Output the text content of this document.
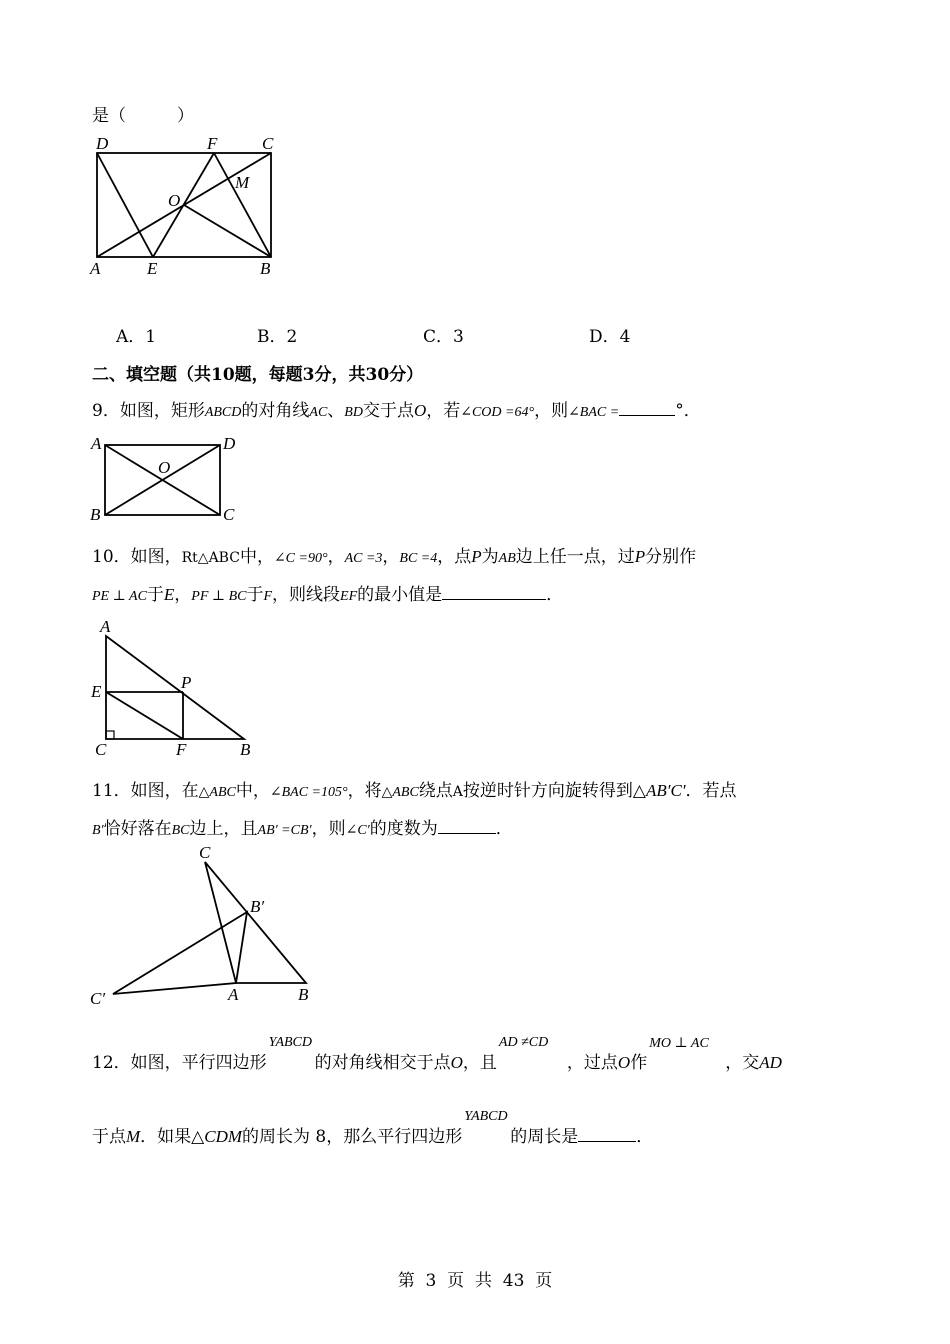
是（　　　）
D	F	C
M
O
A	E	B
A．1	B．2	C．3	D．4
二、填空题（共10题，每题3分，共30分）
9．如图，矩形ABCD的对角线AC、BD交于点O，若∠COD =64°，则∠BAC =	°．
A	D
O
B	C
10．如图，Rt△ABC中，∠C =90°，AC =3，BC =4，点P为AB边上任一点，过P分别作
PE ⊥ AC于E，PF ⊥ BC于F，则线段EF的最小值是	．
A
P
E
C	F	B
11．如图，在△ABC中，∠BAC =105°，将△ABC绕点A按逆时针方向旋转得到△AB′C′．若点
B′恰好落在BC边上，且AB′ =CB′，则∠C′的度数为	．
C
B′
C′	A	B
12．如图，平行四边形
YABCD
的对角线相交于点O，且
AD ≠CD
，过点O作
MO ⊥ AC
，交AD
于点M．如果△CDM的周长为 8，那么平行四边形
YABCD
的周长是	．
第  3  页  共  43  页
